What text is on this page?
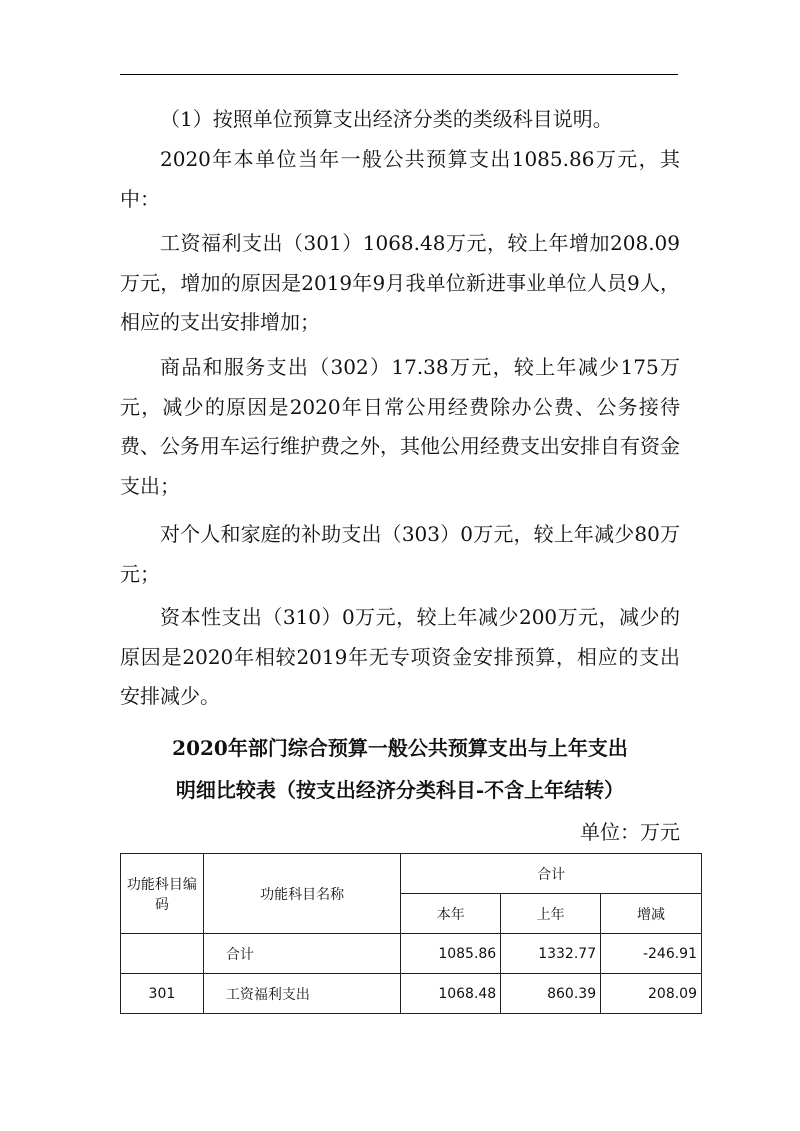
（1）按照单位预算支出经济分类的类级科目说明。

2020年本单位当年一般公共预算支出1085.86万元，其中：

工资福利支出（301）1068.48万元，较上年增加208.09万元，增加的原因是2019年9月我单位新进事业单位人员9人，相应的支出安排增加；

商品和服务支出（302）17.38万元，较上年减少175万元，减少的原因是2020年日常公用经费除办公费、公务接待费、公务用车运行维护费之外，其他公用经费支出安排自有资金支出；

对个人和家庭的补助支出（303）0万元，较上年减少80万元；

资本性支出（310）0万元，较上年减少200万元，减少的原因是2020年相较2019年无专项资金安排预算，相应的支出安排减少。

2020年部门综合预算一般公共预算支出与上年支出
明细比较表（按支出经济分类科目-不含上年结转）
单位：万元
功能科目编码	功能科目名称	合计		
		本年	上年	增减
	合计	1085.86	1332.77	-246.91
301	工资福利支出	1068.48	860.39	208.09
